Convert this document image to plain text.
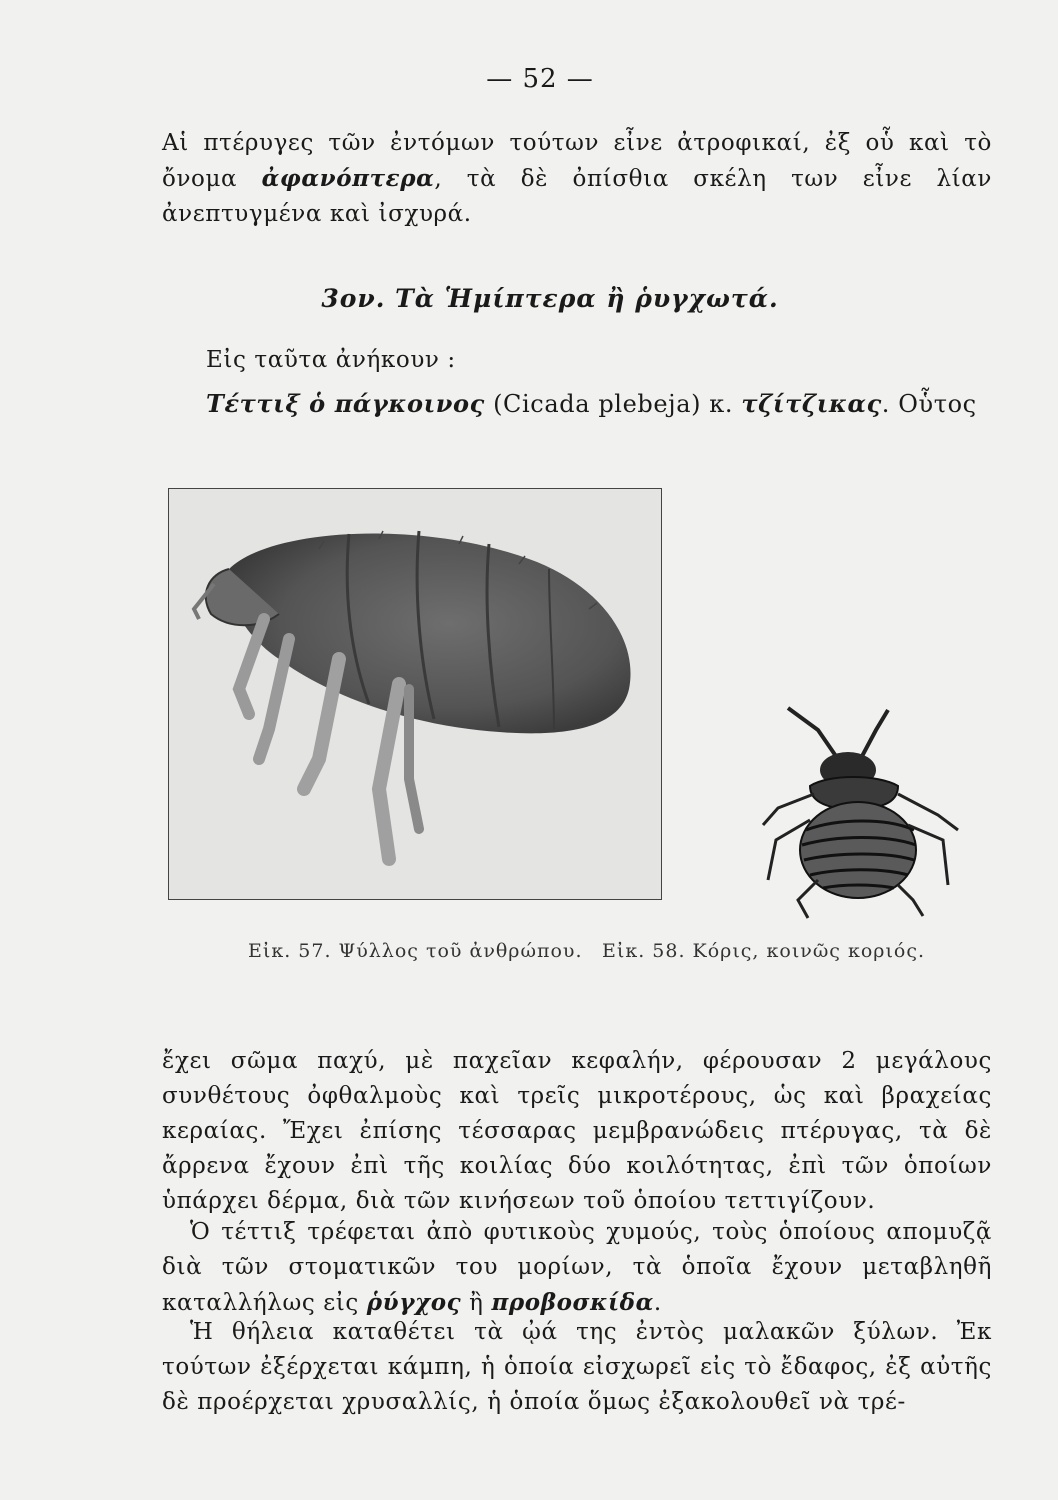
— 52 —
Αἱ πτέρυγες τῶν ἐντόμων τούτων εἶνε ἀτροφικαί, ἐξ οὗ καὶ τὸ ὄνομα ἀφανόπτερα, τὰ δὲ ὀπίσθια σκέλη των εἶνε λίαν ἀνεπτυγμένα καὶ ἰσχυρά.
3ον. Τὰ Ἡμίπτερα ἢ ῥυγχωτά.
Εἰς ταῦτα ἀνήκουν :
Τέττιξ ὁ πάγκοινος (Cicada plebeja) κ. τζίτζικας. Οὗτος
Εἰκ. 57. Ψύλλος τοῦ ἀνθρώπου. Εἰκ. 58. Κόρις, κοινῶς κοριός.
ἔχει σῶμα παχύ, μὲ παχεῖαν κεφαλήν, φέρουσαν 2 μεγάλους συνθέτους ὀφθαλμοὺς καὶ τρεῖς μικροτέρους, ὡς καὶ βραχείας κεραίας. Ἔχει ἐπίσης τέσσαρας μεμβρανώδεις πτέρυγας, τὰ δὲ ἄρρενα ἔχουν ἐπὶ τῆς κοιλίας δύο κοιλότητας, ἐπὶ τῶν ὁποίων ὑπάρχει δέρμα, διὰ τῶν κινήσεων τοῦ ὁποίου τεττιγίζουν.
Ὁ τέττιξ τρέφεται ἀπὸ φυτικοὺς χυμούς, τοὺς ὁποίους απομυζᾷ διὰ τῶν στοματικῶν του μορίων, τὰ ὁποῖα ἔχουν μεταβληθῆ καταλλήλως εἰς ῥύγχος ἢ προβοσκίδα.
Ἡ θήλεια καταθέτει τὰ ᾠά της ἐντὸς μαλακῶν ξύλων. Ἐκ τούτων ἐξέρχεται κάμπη, ἡ ὁποία εἰσχωρεῖ εἰς τὸ ἔδαφος, ἐξ αὐτῆς δὲ προέρχεται χρυσαλλίς, ἡ ὁποία ὅμως ἐξακολουθεῖ νὰ τρέ-
